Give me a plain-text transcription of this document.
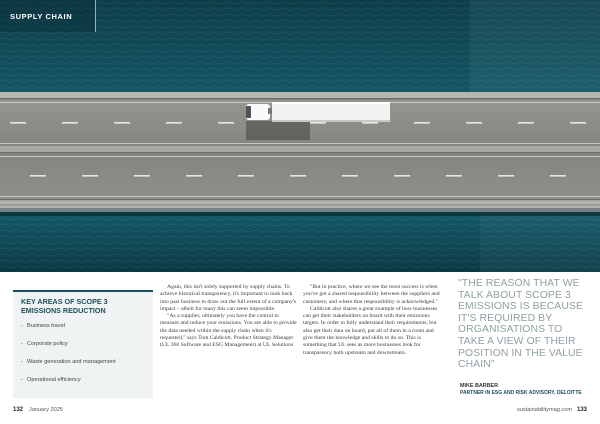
SUPPLY CHAIN
KEY AREAS OF SCOPE 3 EMISSIONS REDUCTION
- Business travel
- Corporate policy
- Waste generation and management
- Operational efficiency

Again, this isn't solely supported by supply chains. To achieve historical transparency, it's important to look back into past business to draw out the full extent of a company's impact – albeit for many this can seem impossible.

"As a supplier, ultimately you have the control to measure and reduce your emissions. You are able to provide the data needed within the supply chain when it's requested," says Tom Caldicott, Product Strategy Manager (UL 360 Software and ESG Management) at UL Solutions

"But in practice, where we see the most success is when you've got a shared responsibility between the suppliers and customers, and where that responsibility is acknowledged."

Caldicott also shares a great example of how businesses can get their stakeholders on board with their emissions targets. In order to fully understand their requirements, but also get their data on board, put all of them in a room and give them the knowledge and skills to do so. This is something that UL sees as more businesses look for transparency both upstream and downstream.

"THE REASON THAT WE TALK ABOUT SCOPE 3 EMISSIONS IS BECAUSE IT'S REQUIRED BY ORGANISATIONS TO TAKE A VIEW OF THEIR POSITION IN THE VALUE CHAIN"
MIKE BARBER
PARTNER IN ESG AND RISK ADVISORY, DELOITTE
132 January 2025	sustainabilitymag.com 133
